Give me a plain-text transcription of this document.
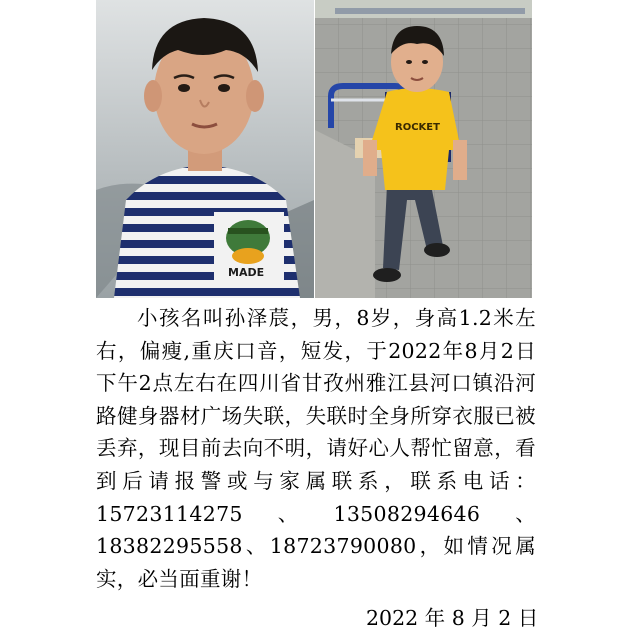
MADE
ROCKET

小孩名叫孙泽莀，男，8岁，身高1.2米左右，偏瘦,重庆口音，短发，于2022年8月2日下午2点左右在四川省甘孜州雅江县河口镇沿河路健身器材广场失联，失联时全身所穿衣服已被丢弃，现目前去向不明，请好心人帮忙留意，看到后请报警或与家属联系，联系电话：15723114275、13508294646、18382295558、18723790080，如情况属实，必当面重谢！

2022 年 8 月 2 日
